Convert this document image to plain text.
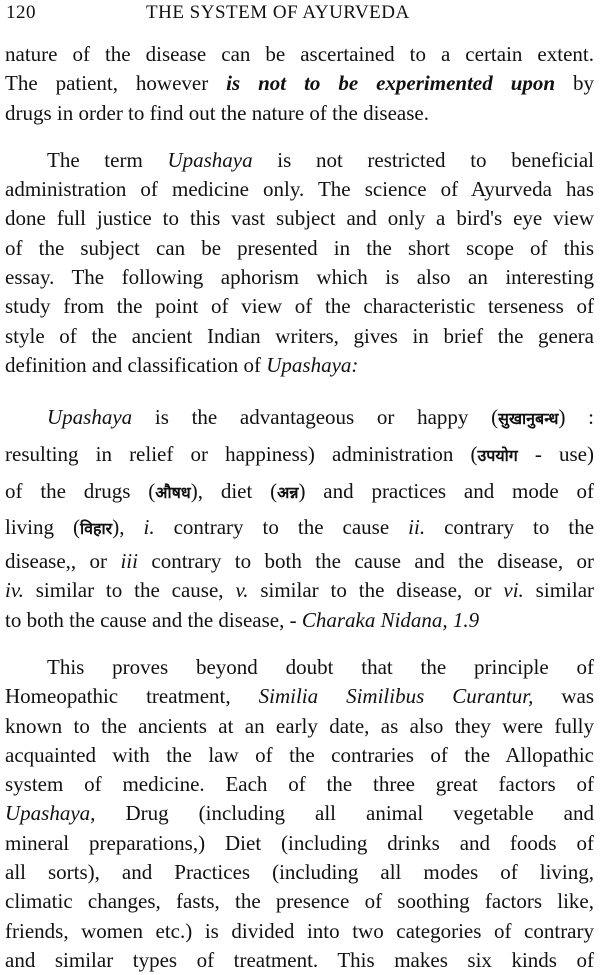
120	THE SYSTEM OF AYURVEDA

nature of the disease can be ascertained to a certain extent.
The patient, however is not to be experimented upon by
drugs in order to find out the nature of the disease.

The term Upashaya is not restricted to beneficial
administration of medicine only. The science of Ayurveda has
done full justice to this vast subject and only a bird's eye view
of the subject can be presented in the short scope of this
essay. The following aphorism which is also an interesting
study from the point of view of the characteristic terseness of
style of the ancient Indian writers, gives in brief the genera
definition and classification of Upashaya:

Upashaya is the advantageous or happy (सुखानुबन्ध) :
resulting in relief or happiness) administration (उपयोग - use)
of the drugs (औषध), diet (अन्न) and practices and mode of
living (विहार), i. contrary to the cause ii. contrary to the
disease,, or iii contrary to both the cause and the disease, or
iv. similar to the cause, v. similar to the disease, or vi. similar
to both the cause and the disease, - Charaka Nidana, 1.9

This proves beyond doubt that the principle of
Homeopathic treatment, Similia Similibus Curantur, was
known to the ancients at an early date, as also they were fully
acquainted with the law of the contraries of the Allopathic
system of medicine. Each of the three great factors of
Upashaya, Drug (including all animal vegetable and
mineral preparations,) Diet (including drinks and foods of
all sorts), and Practices (including all modes of living,
climatic changes, fasts, the presence of soothing factors like,
friends, women etc.) is divided into two categories of contrary
and similar types of treatment. This makes six kinds of
